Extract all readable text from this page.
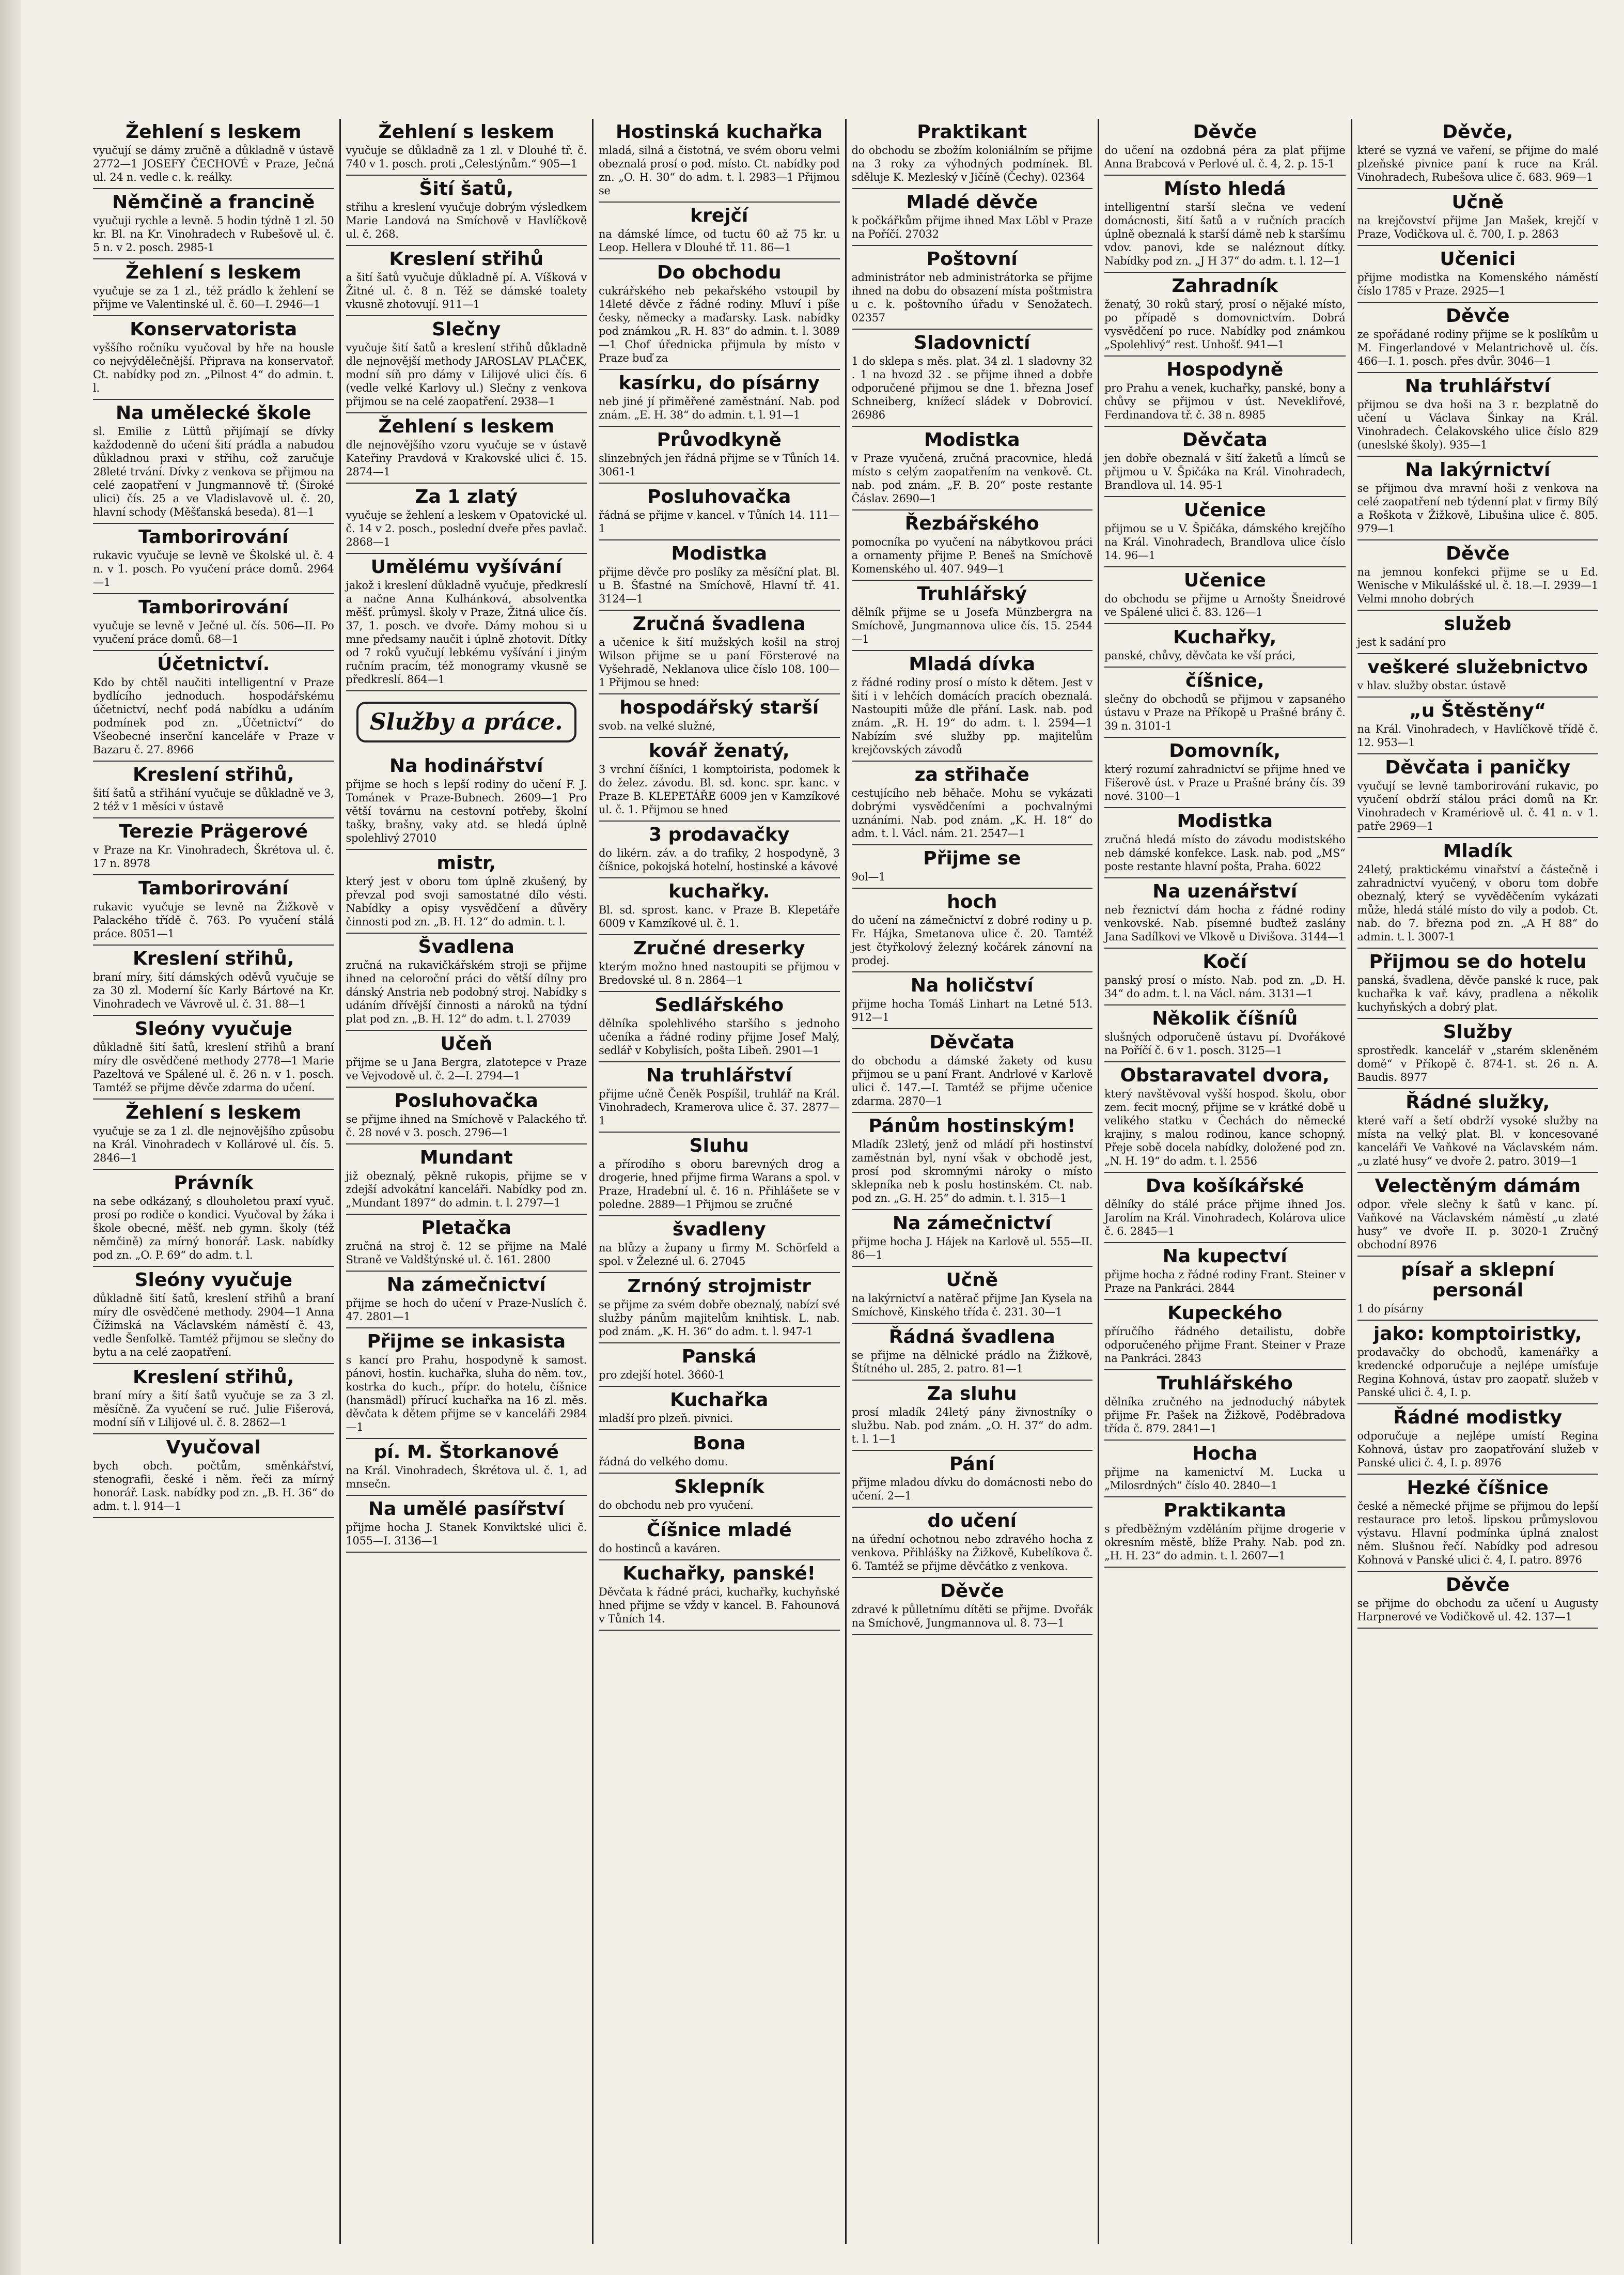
Žehlení s leskem

vyučují se dámy zručně a důkladně v ústavě 2772—1 JOSEFY ČECHOVÉ v Praze, Ječná ul. 24 n. vedle c. k. reálky.

Němčině a francině

vyučuji rychle a levně. 5 hodin týdně 1 zl. 50 kr. Bl. na Kr. Vinohradech v Rubešově ul. č. 5 n. v 2. posch. 2985-1

Žehlení s leskem

vyučuje se za 1 zl., též prádlo k žehlení se přijme ve Valentinské ul. č. 60—I. 2946—1

Konservatorista

vyššího ročníku vyučoval by hře na housle co nejvýdělečnější. Připrava na konservatoř. Ct. nabídky pod zn. „Pilnost 4“ do admin. t. l.

Na umělecké škole

sl. Emilie z Lüttů přijímají se dívky každodenně do učení šití prádla a nabudou důkladnou praxi v střihu, což zaručuje 28leté trvání. Dívky z venkova se přijmou na celé zaopatření v Jungmannově tř. (Široké ulici) čís. 25 a ve Vladislavově ul. č. 20, hlavní schody (Měšťanská beseda). 81—1

Tamborirování

rukavic vyučuje se levně ve Školské ul. č. 4 n. v 1. posch. Po vyučení práce domů. 2964—1

Tamborirování

vyučuje se levně v Ječné ul. čís. 506—II. Po vyučení práce domů. 68—1

Účetnictví.

Kdo by chtěl naučiti intelligentní v Praze bydlícího jednoduch. hospodářskému účetnictví, nechť podá nabídku a udáním podmínek pod zn. „Účetnictví“ do Všeobecné inserční kanceláře v Praze v Bazaru č. 27. 8966

Kreslení střihů,

šití šatů a střihání vyučuje se důkladně ve 3, 2 též v 1 měsíci v ústavě

Terezie Prägerové

v Praze na Kr. Vinohradech, Škrétova ul. č. 17 n. 8978

Tamborirování

rukavic vyučuje se levně na Žižkově v Palackého třídě č. 763. Po vyučení stálá práce. 8051—1

Kreslení střihů,

braní míry, šití dámských oděvů vyučuje se za 30 zl. Moderní šíc Karly Bártové na Kr. Vinohradech ve Vávrově ul. č. 31. 88—1

Sleóny vyučuje

důkladně šití šatů, kreslení střihů a braní míry dle osvědčené methody 2778—1 Marie Pazeltová ve Spálené ul. č. 26 n. v 1. posch. Tamtéž se přijme děvče zdarma do učení.

Žehlení s leskem

vyučuje se za 1 zl. dle nejnovějšího způsobu na Král. Vinohradech v Kollárové ul. čís. 5. 2846—1

Právník

na sebe odkázaný, s dlouholetou praxí vyuč. prosí po rodiče o kondici. Vyučoval by žáka i škole obecné, měšť. neb gymn. školy (též němčině) za mírný honorář. Lask. nabídky pod zn. „O. P. 69“ do adm. t. l.

Sleóny vyučuje

důkladně šití šatů, kreslení střihů a braní míry dle osvědčené methody. 2904—1 Anna Čížimská na Václavském náměstí č. 43, vedle Šenfolkě. Tamtéž přijmou se slečny do bytu a na celé zaopatření.

Kreslení střihů,

braní míry a šití šatů vyučuje se za 3 zl. měsíčně. Za vyučení se ruč. Julie Fišerová, modní síň v Lilijové ul. č. 8. 2862—1

Vyučoval

bych obch. počtům, směnkářství, stenografii, české i něm. řeči za mírný honorář. Lask. nabídky pod zn. „B. H. 36“ do adm. t. l. 914—1

Žehlení s leskem

vyučuje se důkladně za 1 zl. v Dlouhé tř. č. 740 v 1. posch. proti „Celestýnům.“ 905—1

Šití šatů,

střihu a kreslení vyučuje dobrým výsledkem Marie Landová na Smíchově v Havlíčkově ul. č. 268.

Kreslení střihů

a šití šatů vyučuje důkladně pí. A. Víšková v Žitné ul. č. 8 n. Též se dámské toalety vkusně zhotovují. 911—1

Slečny

vyučuje šití šatů a kreslení střihů důkladně dle nejnovější methody JAROSLAV PLAČEK, modní síň pro dámy v Lilijové ulici čís. 6 (vedle velké Karlovy ul.) Slečny z venkova přijmou se na celé zaopatření. 2938—1

Žehlení s leskem

dle nejnovějšího vzoru vyučuje se v ústavě Kateřiny Pravdová v Krakovské ulici č. 15. 2874—1

Za 1 zlatý

vyučuje se žehlení a leskem v Opatovické ul. č. 14 v 2. posch., poslední dveře přes pavlač. 2868—1

Umělému vyšívání

jakož i kreslení důkladně vyučuje, předkreslí a načne Anna Kulhánková, absolventka měšť. průmysl. školy v Praze, Žitná ulice čís. 37, 1. posch. ve dvoře. Dámy mohou si u mne předsamy naučit i úplně zhotovit. Dítky od 7 roků vyučují lebkému vyšívání i jiným ručním pracím, též monogramy vkusně se předkreslí. 864—1

Služby a práce.

Na hodinářství

přijme se hoch s lepší rodiny do učení F. J. Tománek v Praze-Bubnech. 2609—1 Pro větší továrnu na cestovní potřeby, školní tašky, brašny, vaky atd. se hledá úplně spolehlivý 27010

mistr,

který jest v oboru tom úplně zkušený, by převzal pod svoji samostatné dílo vésti. Nabídky a opisy vysvědčení a důvěry činnosti pod zn. „B. H. 12“ do admin. t. l.

Švadlena

zručná na rukavičkářském stroji se přijme ihned na celoroční práci do větší dílny pro dánský Anstria neb podobný stroj. Nabídky s udáním dřívější činnosti a nároků na týdní plat pod zn. „B. H. 12“ do adm. t. l. 27039

Učeň

přijme se u Jana Bergra, zlatotepce v Praze ve Vejvodově ul. č. 2—I. 2794—1

Posluhovačka

se přijme ihned na Smíchově v Palackého tř. č. 28 nové v 3. posch. 2796—1

Mundant

již obeznalý, pěkně rukopis, přijme se v zdejší advokátní kanceláři. Nabídky pod zn. „Mundant 1897“ do admin. t. l. 2797—1

Pletačka

zručná na stroj č. 12 se přijme na Malé Straně ve Valdštýnské ul. č. 161. 2800

Na zámečnictví

přijme se hoch do učení v Praze-Nuslích č. 47. 2801—1

Přijme se inkasista

s kancí pro Prahu, hospodyně k samost. pánovi, hostin. kuchařka, sluha do něm. tov., kostrka do kuch., přípr. do hotelu, číšnice (hansmädl) přírucí kuchařka na 16 zl. měs. děvčata k dětem přijme se v kanceláři 2984—1

pí. M. Štorkanové

na Král. Vinohradech, Škrétova ul. č. 1, ad mnsečn.

Na umělé pasířství

přijme hocha J. Stanek Konviktské ulici č. 1055—I. 3136—1

Hostinská kuchařka

mladá, silná a čistotná, ve svém oboru velmi obeznalá prosí o pod. místo. Ct. nabídky pod zn. „O. H. 30“ do adm. t. l. 2983—1 Přijmou se

krejčí

na dámské límce, od tuctu 60 až 75 kr. u Leop. Hellera v Dlouhé tř. 11. 86—1

Do obchodu

cukrářského neb pekařského vstoupil by 14leté děvče z řádné rodiny. Mluví i píše česky, německy a maďarsky. Lask. nabídky pod známkou „R. H. 83“ do admin. t. l. 3089—1 Chof úřednicka přijmula by místo v Praze buď za

kasírku, do písárny

neb jiné jí přiměřené zaměstnání. Nab. pod znám. „E. H. 38“ do admin. t. l. 91—1

Průvodkyně

slinzebných jen řádná přijme se v Tůních 14. 3061-1

Posluhovačka

řádná se přijme v kancel. v Tůních 14. 111—1

Modistka

přijme děvče pro poslíky za měsíční plat. Bl. u B. Šťastné na Smíchově, Hlavní tř. 41. 3124—1

Zručná švadlena

a učenice k šití mužských košil na stroj Wilson přijme se u paní Försterové na Vyšehradě, Neklanova ulice číslo 108. 100—1 Přijmou se hned:

hospodářský starší

svob. na velké služné,

kovář ženatý,

3 vrchní číšníci, 1 komptoirista, podomek k do želez. závodu. Bl. sd. konc. spr. kanc. v Praze B. KLEPETÁŘE 6009 jen v Kamzíkové ul. č. 1. Přijmou se hned

3 prodavačky

do likérn. záv. a do trafiky, 2 hospodyně, 3 číšnice, pokojská hotelní, hostinské a kávové

kuchařky.

Bl. sd. sprost. kanc. v Praze B. Klepetáře 6009 v Kamzíkové ul. č. 1.

Zručné dreserky

kterým možno hned nastoupiti se přijmou v Bredovské ul. 8 n. 2864—1

Sedlářského

dělníka spolehlivého staršího s jednoho učeníka a řádné rodiny přijme Josef Malý, sedlář v Kobylisích, pošta Libeň. 2901—1

Na truhlářství

přijme učně Čeněk Pospíšil, truhlář na Král. Vinohradech, Kramerova ulice č. 37. 2877—1

Sluhu

a přírodího s oboru barevných drog a drogerie, hned přijme firma Warans a spol. v Praze, Hradební ul. č. 16 n. Přihlášete se v poledne. 2889—1 Přijmou se zručné

švadleny

na blůzy a župany u firmy M. Schörfeld a spol. v Železné ul. 6. 27045

Zrnóný strojmistr

se přijme za svém dobře obeznalý, nabízí své služby pánům majitelům knihtisk. L. nab. pod znám. „K. H. 36“ do adm. t. l. 947-1

Panská

pro zdejší hotel. 3660-1

Kuchařka

mladší pro plzeň. pivnici.

Bona

řádná do velkého domu.

Sklepník

do obchodu neb pro vyučení.

Číšnice mladé

do hostinců a kaváren.

Kuchařky, panské!

Děvčata k řádné práci, kuchařky, kuchyňské hned přijme se vždy v kancel. B. Fahounová v Tůních 14.

Praktikant

do obchodu se zbožím koloniálním se přijme na 3 roky za výhodných podmínek. Bl. sděluje K. Mezleský v Jičíně (Čechy). 02364

Mladé děvče

k počkářkům přijme ihned Max Löbl v Praze na Poříčí. 27032

Poštovní

administrátor neb administrátorka se přijme ihned na dobu do obsazení místa poštmistra u c. k. poštovního úřadu v Senožatech. 02357

Sladovnictí

1 do sklepa s měs. plat. 34 zl. 1 sladovny 32 . 1 na hvozd 32 . se přijme ihned a dobře odporučené přijmou se dne 1. března Josef Schneiberg, knížecí sládek v Dobrovicí. 26986

Modistka

v Praze vyučená, zručná pracovnice, hledá místo s celým zaopatřením na venkově. Ct. nab. pod znám. „F. B. 20“ poste restante Čáslav. 2690—1

Řezbářského

pomocníka po vyučení na nábytkovou práci a ornamenty přijme P. Beneš na Smíchově Komenského ul. 407. 949—1

Truhlářský

dělník přijme se u Josefa Münzbergra na Smíchově, Jungmannova ulice čís. 15. 2544—1

Mladá dívka

z řádné rodiny prosí o místo k dětem. Jest v šití i v lehčích domácích pracích obeznalá. Nastoupiti může dle přání. Lask. nab. pod znám. „R. H. 19“ do adm. t. l. 2594—1 Nabízím své služby pp. majitelům krejčovských závodů

za střihače

cestujícího neb běhače. Mohu se vykázati dobrými vysvědčeními a pochvalnými uznáními. Nab. pod znám. „K. H. 18“ do adm. t. l. Václ. nám. 21. 2547—1

Přijme se

9ol—1

hoch

do učení na zámečnictví z dobré rodiny u p. Fr. Hájka, Smetanova ulice č. 20. Tamtéž jest čtyřkolový železný kočárek zánovní na prodej.

Na holičství

přijme hocha Tomáš Linhart na Letné 513. 912—1

Děvčata

do obchodu a dámské žakety od kusu přijmou se u paní Frant. Andrlové v Karlově ulici č. 147.—I. Tamtéž se přijme učenice zdarma. 2870—1

Pánům hostinským!

Mladík 23letý, jenž od mládí při hostinství zaměstnán byl, nyní však v obchodě jest, prosí pod skromnými nároky o místo sklepníka neb k poslu hostinském. Ct. nab. pod zn. „G. H. 25“ do admin. t. l. 315—1

Na zámečnictví

přijme hocha J. Hájek na Karlově ul. 555—II. 86—1

Učně

na lakýrnictví a natěrač přijme Jan Kysela na Smíchově, Kinského třída č. 231. 30—1

Řádná švadlena

se přijme na dělnické prádlo na Žižkově, Štítného ul. 285, 2. patro. 81—1

Za sluhu

prosí mladík 24letý pány živnostníky o službu. Nab. pod znám. „O. H. 37“ do adm. t. l. 1—1

Pání

přijme mladou dívku do domácnosti nebo do učení. 2—1

do učení

na úřední ochotnou nebo zdravého hocha z venkova. Přihlášky na Žižkově, Kubelíkova č. 6. Tamtéž se přijme děvčátko z venkova.

Děvče

zdravé k půlletnímu dítěti se přijme. Dvořák na Smíchově, Jungmannova ul. 8. 73—1

Děvče

do učení na ozdobná péra za plat přijme Anna Brabcová v Perlové ul. č. 4, 2. p. 15-1

Místo hledá

intelligentní starší slečna ve vedení domácnosti, šití šatů a v ručních pracích úplně obeznalá k starší dámě neb k staršímu vdov. panovi, kde se naléznout dítky. Nabídky pod zn. „J H 37“ do adm. t. l. 12—1

Zahradník

ženatý, 30 roků starý, prosí o nějaké místo, po případě s domovnictvím. Dobrá vysvědčení po ruce. Nabídky pod známkou „Spolehlivý“ rest. Unhošť. 941—1

Hospodyně

pro Prahu a venek, kuchařky, panské, bony a chůvy se přijmou v úst. Nevekliřové, Ferdinandova tř. č. 38 n. 8985

Děvčata

jen dobře obeznalá v šití žaketů a límců se přijmou u V. Špičáka na Král. Vinohradech, Brandlova ul. 14. 95-1

Učenice

přijmou se u V. Špičáka, dámského krejčího na Král. Vinohradech, Brandlova ulice číslo 14. 96—1

Učenice

do obchodu se přijme u Arnošty Šneidrové ve Spálené ulici č. 83. 126—1

Kuchařky,

panské, chůvy, děvčata ke vší práci,

číšnice,

slečny do obchodů se přijmou v zapsaného ústavu v Praze na Příkopě u Prašné brány č. 39 n. 3101-1

Domovník,

který rozumí zahradnictví se přijme hned ve Fišerově úst. v Praze u Prašné brány čís. 39 nové. 3100—1

Modistka

zručná hledá místo do závodu modistského neb dámské konfekce. Lask. nab. pod „MS“ poste restante hlavní pošta, Praha. 6022

Na uzenářství

neb řeznictví dám hocha z řádné rodiny venkovské. Nab. písemné buďtež zaslány Jana Sadílkovi ve Vlkově u Divišova. 3144—1

Kočí

panský prosí o místo. Nab. pod zn. „D. H. 34“ do adm. t. l. na Václ. nám. 3131—1

Několik číšníů

slušných odporučeně ústavu pí. Dvořákové na Poříčí č. 6 v 1. posch. 3125—1

Obstaravatel dvora,

který navštěvoval vyšší hospod. školu, obor zem. fecit mocný, přijme se v krátké době u velikého statku v Čechách do německé krajiny, s malou rodinou, kance schopný. Přeje sobě docela nabídky, doložené pod zn. „N. H. 19“ do adm. t. l. 2556

Dva košíkářské

dělníky do stálé práce přijme ihned Jos. Jarolím na Král. Vinohradech, Kolárova ulice č. 6. 2845—1

Na kupectví

přijme hocha z řádné rodiny Frant. Steiner v Praze na Pankráci. 2844

Kupeckého

příručího řádného detailistu, dobře odporučeného přijme Frant. Steiner v Praze na Pankráci. 2843

Truhlářského

dělníka zručného na jednoduchý nábytek přijme Fr. Pašek na Žižkově, Poděbradova třída č. 879. 2841—1

Hocha

přijme na kamenictví M. Lucka u „Milosrdných“ číslo 40. 2840—1

Praktikanta

s předběžným vzděláním přijme drogerie v okresním městě, blíže Prahy. Nab. pod zn. „H. H. 23“ do admin. t. l. 2607—1

Děvče,

které se vyzná ve vaření, se přijme do malé plzeňské pivnice paní k ruce na Král. Vinohradech, Rubešova ulice č. 683. 969—1

Učně

na krejčovství přijme Jan Mašek, krejčí v Praze, Vodičkova ul. č. 700, I. p. 2863

Učenici

přijme modistka na Komenského náměstí číslo 1785 v Praze. 2925—1

Děvče

ze spořádané rodiny přijme se k poslíkům u M. Fingerlandové v Melantrichově ul. čís. 466—I. 1. posch. přes dvůr. 3046—1

Na truhlářství

přijmou se dva hoši na 3 r. bezplatně do učení u Václava Šinkay na Král. Vinohradech. Čelakovského ulice číslo 829 (uneslské školy). 935—1

Na lakýrnictví

se přijmou dva mravní hoši z venkova na celé zaopatření neb týdenní plat v firmy Bílý a Roškota v Žižkově, Libušina ulice č. 805. 979—1

Děvče

na jemnou konfekci přijme se u Ed. Wenische v Mikulášské ul. č. 18.—I. 2939—1 Velmi mnoho dobrých

služeb

jest k sadání pro

veškeré služebnictvo

v hlav. služby obstar. ústavě

„u Štěstěny“

na Král. Vinohradech, v Havlíčkově třídě č. 12. 953—1

Děvčata i paničky

vyučují se levně tamborirování rukavic, po vyučení obdrží stálou práci domů na Kr. Vinohradech v Kramériově ul. č. 41 n. v 1. patře 2969—1

Mladík

24letý, praktickému vinařství a částečně i zahradnictví vyučený, v oboru tom dobře obeznalý, který se vyvěděčením vykázati může, hledá stálé místo do vily a podob. Ct. nab. do 7. března pod zn. „A H 88“ do admin. t. l. 3007-1

Přijmou se do hotelu

panská, švadlena, děvče panské k ruce, pak kuchařka k vař. kávy, pradlena a několik kuchyňských a dobrý plat.

Služby

sprostředk. kancelář v „starém skleněném domě“ v Příkopě č. 874-1. st. 26 n. A. Baudis. 8977

Řádné služky,

které vaří a šetí obdrží vysoké služby na místa na velký plat. Bl. v koncesované kanceláři Ve Vaňkové na Václavském nám. „u zlaté husy“ ve dvoře 2. patro. 3019—1

Velectěným dámám

odpor. vřele slečny k šatů v kanc. pí. Vaňkové na Václavském náměstí „u zlaté husy“ ve dvoře II. p. 3020-1 Zručný obchodní 8976

písař a sklepní personál

1 do písárny

jako: komptoiristky,

prodavačky do obchodů, kamenářky a kredencké odporučuje a nejlépe umísťuje Regina Kohnová, ústav pro zaopatř. služeb v Panské ulici č. 4, I. p.

Řádné modistky

odporučuje a nejlépe umístí Regina Kohnová, ústav pro zaopatřování služeb v Panské ulici č. 4, I. p. 8976

Hezké číšnice

české a německé přijme se přijmou do lepší restaurace pro letoš. lipskou průmyslovou výstavu. Hlavní podmínka úplná znalost něm. Slušnou řečí. Nabídky pod adresou Kohnová v Panské ulici č. 4, I. patro. 8976

Děvče

se přijme do obchodu za učení u Augusty Harpnerové ve Vodičkově ul. 42. 137—1
